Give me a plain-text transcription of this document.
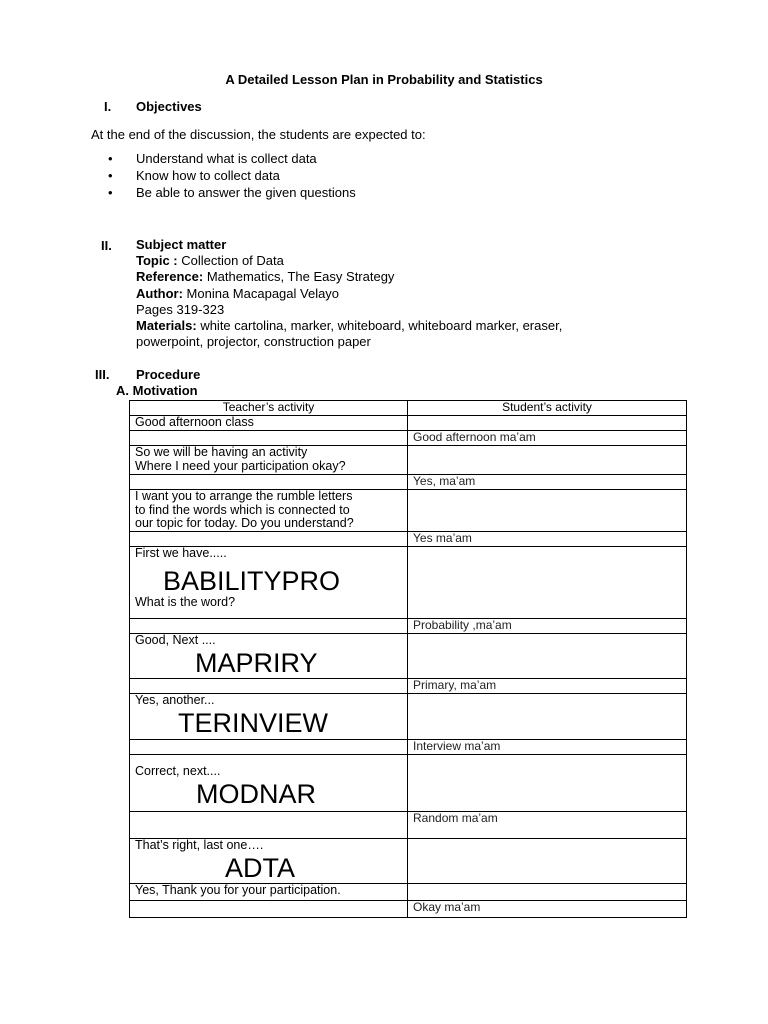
A Detailed Lesson Plan in Probability and Statistics
I. Objectives
At the end of the discussion, the students are expected to:
• Understand what is collect data
• Know how to collect data
• Be able to answer the given questions
II. Subject matter
Topic : Collection of Data
Reference: Mathematics, The Easy Strategy
Author: Monina Macapagal Velayo
Pages 319-323
Materials: white cartolina, marker, whiteboard, whiteboard marker, eraser,
powerpoint, projector, construction paper
III. Procedure
A. Motivation
Teacher’s activity	Student’s activity
Good afternoon class	
	Good afternoon ma’am

So we will be having an activity
Where I need your participation okay?	

	Yes, ma’am

I want you to arrange the rumble letters
to find the words which is connected to
our topic for today. Do you understand?	

	Yes ma’am

First we have.....
BABILITYPRO
What is the word?	

	Probability ,ma’am

Good, Next ....
MAPRIRY	

	Primary, ma’am

Yes, another...
TERINVIEW	

	Interview ma’am

Correct, next....
MODNAR	

	Random ma’am

That’s right, last one….
ADTA	

Yes, Thank you for your participation.	
	Okay ma’am
